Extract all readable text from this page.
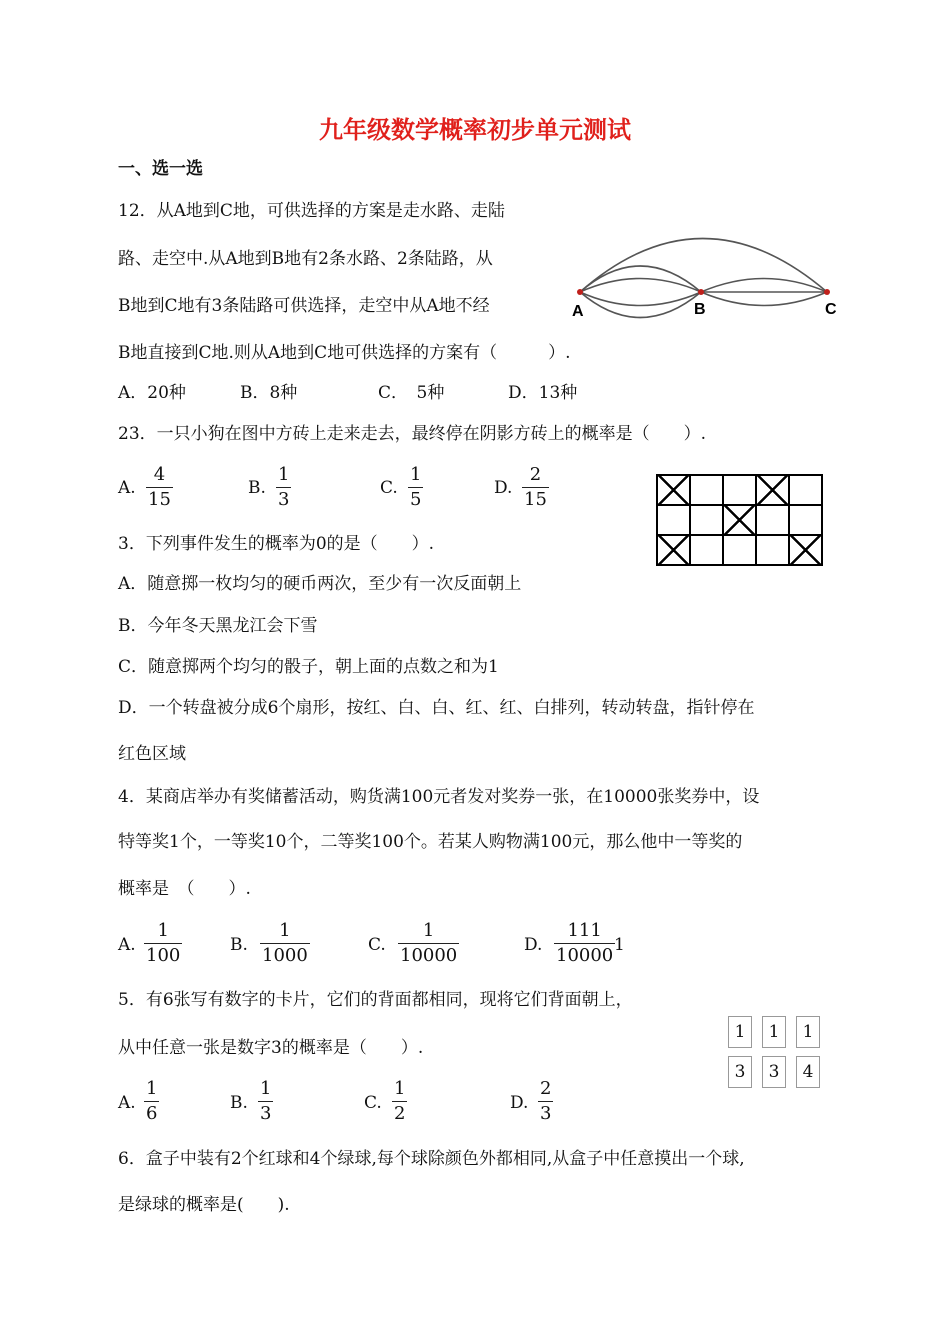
九年级数学概率初步单元测试
一、选一选
12．从A地到C地，可供选择的方案是走水路、走陆
路、走空中.从A地到B地有2条水路、2条陆路，从
B地到C地有3条陆路可供选择，走空中从A地不经
B地直接到C地.则从A地到C地可供选择的方案有（　　　）.
A	B	C
A．20种	B．8种	C．　5种	D．13种
23．一只小狗在图中方砖上走来走去，最终停在阴影方砖上的概率是（　　）.
A.
4
15
B.
1
3
C.
1
5
D.
2
15

3．下列事件发生的概率为0的是（　　）.
A．随意掷一枚均匀的硬币两次，至少有一次反面朝上
B．今年冬天黑龙江会下雪
C．随意掷两个均匀的骰子，朝上面的点数之和为1
D．一个转盘被分成6个扇形，按红、白、白、红、红、白排列，转动转盘，指针停在
红色区域
4．某商店举办有奖储蓄活动，购货满100元者发对奖券一张，在10000张奖券中，设
特等奖1个，一等奖10个，二等奖100个。若某人购物满100元，那么他中一等奖的
概率是　（　　）.
A.
1
100	B.
1
1000	C.
1
10000	D.
111
10000 1
5．有6张写有数字的卡片，它们的背面都相同，现将它们背面朝上，
从中任意一张是数字3的概率是（　　）.
1	1	1
3	3	4
A.
1
6	B.
1
3	C.
1
2	D.
2
3
6．盒子中装有2个红球和4个绿球,每个球除颜色外都相同,从盒子中任意摸出一个球,
是绿球的概率是(　　).
